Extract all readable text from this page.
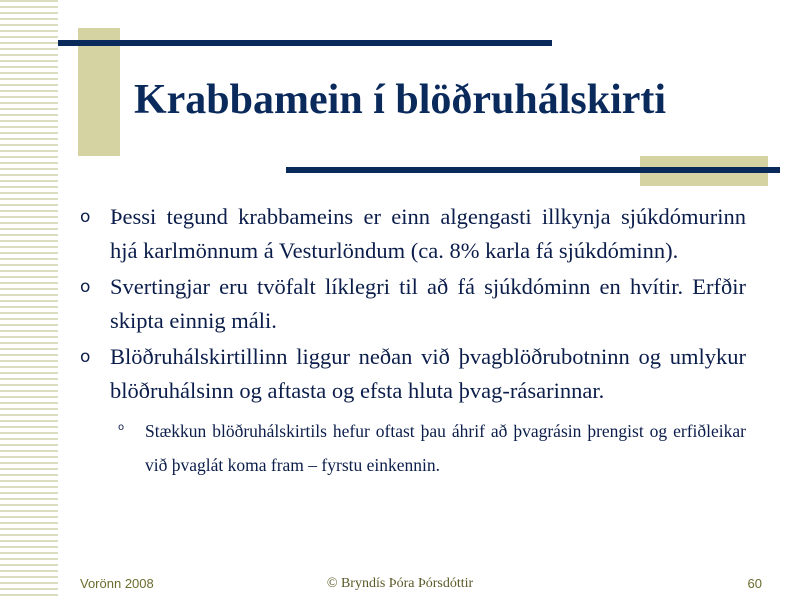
Krabbamein í blöðruhálskirti
o Þessi tegund krabbameins er einn algengasti illkynja sjúkdómurinn hjá karlmönnum á Vesturlöndum (ca. 8% karla fá sjúkdóminn).
o Svertingjar eru tvöfalt líklegri til að fá sjúkdóminn en hvítir. Erfðir skipta einnig máli.
o Blöðruhálskirtillinn liggur neðan við þvagblöðrubotninn og umlykur blöðruhálsinn og aftasta og efsta hluta þvag-rásarinnar.
o Stækkun blöðruhálskirtils hefur oftast þau áhrif að þvagrásin þrengist og erfiðleikar við þvaglát koma fram – fyrstu einkennin.
Vorönn 2008	© Bryndís Þóra Þórsdóttir	60
